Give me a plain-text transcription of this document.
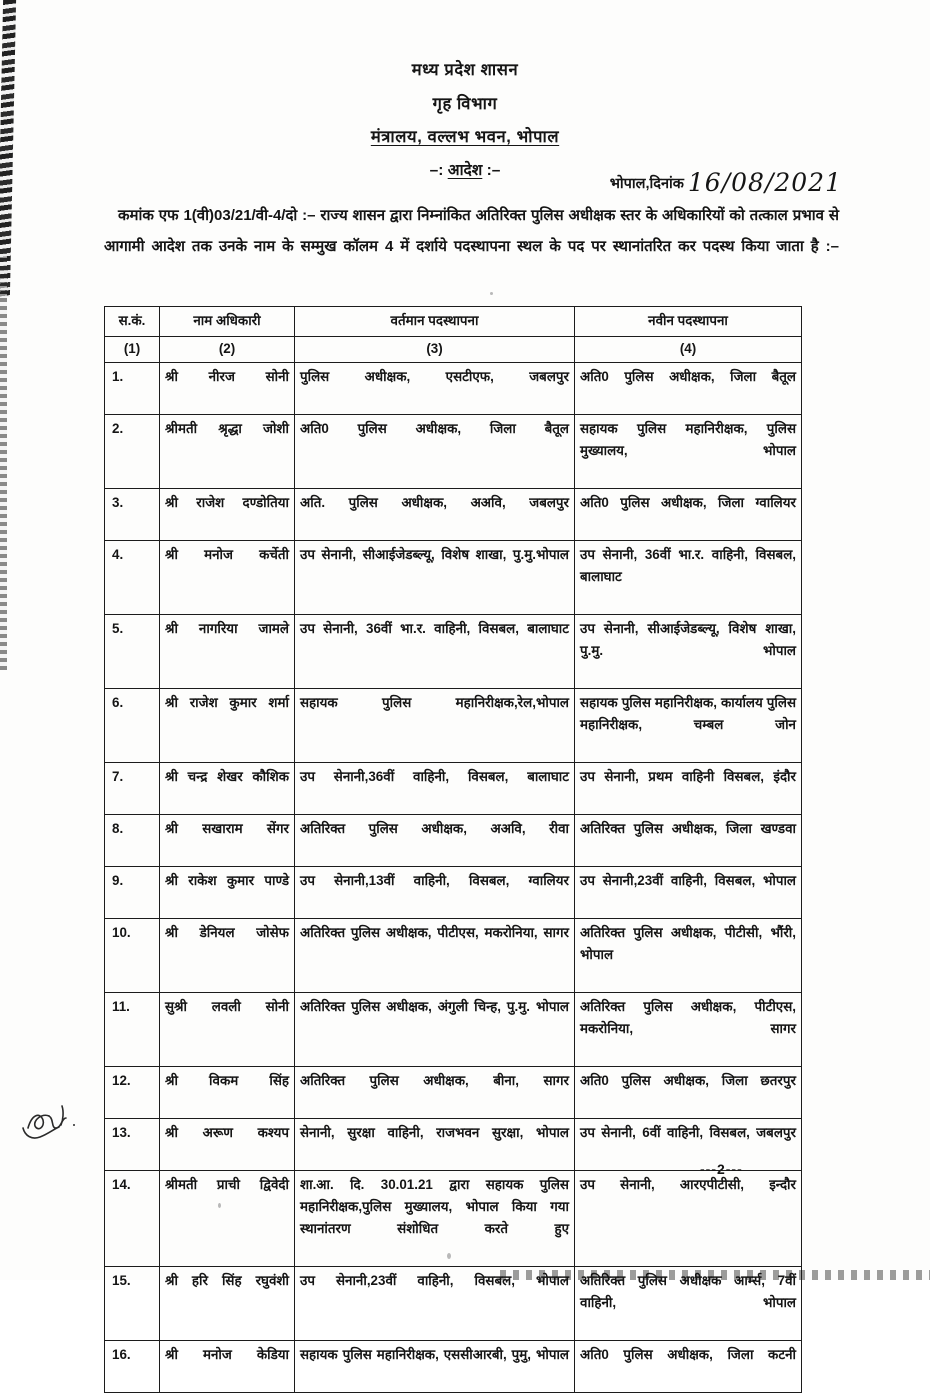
मध्य प्रदेश शासन
गृह विभाग
मंत्रालय, वल्लभ भवन, भोपाल
–: आदेश :–
भोपाल,दिनांक 16/08/2021
कमांक एफ 1(वी)03/21/वी-4/दो :– राज्य शासन द्वारा निम्नांकित अतिरिक्त पुलिस अधीक्षक स्तर के अधिकारियों को तत्काल प्रभाव से आगामी आदेश तक उनके नाम के सम्मुख कॉलम 4 में दर्शाये पदस्थापना स्थल के पद पर स्थानांतरित कर पदस्थ किया जाता है :–
स.कं.	नाम अधिकारी	वर्तमान पदस्थापना	नवीन पदस्थापना
(1)	(2)	(3)	(4)
1.	श्री नीरज सोनी	पुलिस अधीक्षक, एसटीएफ, जबलपुर	अति0 पुलिस अधीक्षक, जिला बैतूल

2.	श्रीमती श्रृद्धा जोशी	अति0 पुलिस अधीक्षक, जिला बैतूल	सहायक पुलिस महानिरीक्षक, पुलिस मुख्यालय, भोपाल

3.	श्री राजेश दण्डोतिया	अति. पुलिस अधीक्षक, अअवि, जबलपुर	अति0 पुलिस अधीक्षक, जिला ग्वालियर

4.	श्री मनोज कर्चेती	उप सेनानी, सीआईजेडब्ल्यू, विशेष शाखा, पु.मु.भोपाल	उप सेनानी, 36वीं भा.र. वाहिनी, विसबल, बालाघाट

5.	श्री नागरिया जामले	उप सेनानी, 36वीं भा.र. वाहिनी, विसबल, बालाघाट	उप सेनानी, सीआईजेडब्ल्यू, विशेष शाखा, पु.मु. भोपाल

6.	श्री राजेश कुमार शर्मा	सहायक पुलिस महानिरीक्षक,रेल,भोपाल	सहायक पुलिस महानिरीक्षक, कार्यालय पुलिस महानिरीक्षक, चम्बल जोन

7.	श्री चन्द्र शेखर कौशिक	उप सेनानी,36वीं वाहिनी, विसबल, बालाघाट	उप सेनानी, प्रथम वाहिनी विसबल, इंदौर

8.	श्री सखाराम सेंगर	अतिरिक्त पुलिस अधीक्षक, अअवि, रीवा	अतिरिक्त पुलिस अधीक्षक, जिला खण्डवा

9.	श्री राकेश कुमार पाण्डे	उप सेनानी,13वीं वाहिनी, विसबल, ग्वालियर	उप सेनानी,23वीं वाहिनी, विसबल, भोपाल

10.	श्री डेनियल जोसेफ	अतिरिक्त पुलिस अधीक्षक, पीटीएस, मकरोनिया, सागर	अतिरिक्त पुलिस अधीक्षक, पीटीसी, भौंरी, भोपाल

11.	सुश्री लवली सोनी	अतिरिक्त पुलिस अधीक्षक, अंगुली चिन्ह, पु.मु. भोपाल	अतिरिक्त पुलिस अधीक्षक, पीटीएस, मकरोनिया, सागर

12.	श्री विकम सिंह	अतिरिक्त पुलिस अधीक्षक, बीना, सागर	अति0 पुलिस अधीक्षक, जिला छतरपुर

13.	श्री अरूण कश्यप	सेनानी, सुरक्षा वाहिनी, राजभवन सुरक्षा, भोपाल	उप सेनानी, 6वीं वाहिनी, विसबल, जबलपुर

14.	श्रीमती प्राची द्विवेदी	शा.आ. दि. 30.01.21 द्वारा सहायक पुलिस महानिरीक्षक,पुलिस मुख्यालय, भोपाल किया गया स्थानांतरण संशोधित करते हुए	उप सेनानी, आरएपीटीसी, इन्दौर

15.	श्री हरि सिंह रघुवंशी	उप सेनानी,23वीं वाहिनी, विसबल, भोपाल	अतिरिक्त पुलिस अधीक्षक आर्म्स, 7वीं वाहिनी, भोपाल

16.	श्री मनोज केडिया	सहायक पुलिस महानिरीक्षक, एससीआरबी, पुमु, भोपाल	अति0 पुलिस अधीक्षक, जिला कटनी
---2---
